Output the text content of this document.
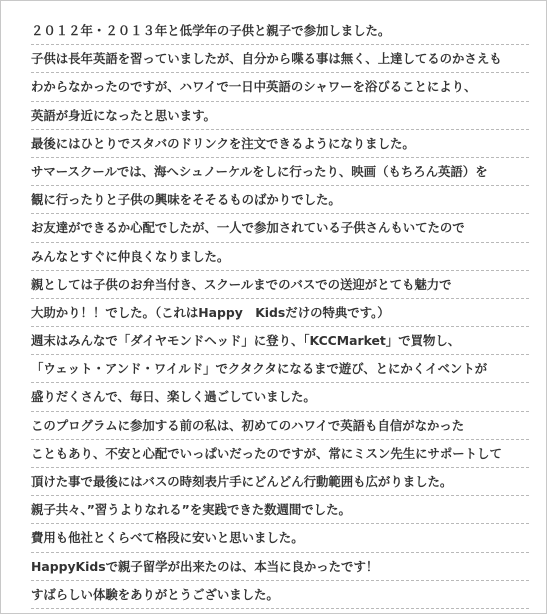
２０１２年・２０１３年と低学年の子供と親子で参加しました。
子供は長年英語を習っていましたが、自分から喋る事は無く、上達してるのかさえも
わからなかったのですが、ハワイで一日中英語のシャワーを浴びることにより、
英語が身近になったと思います。
最後にはひとりでスタバのドリンクを注文できるようになりました。
サマースクールでは、海へシュノーケルをしに行ったり、映画（もちろん英語）を
観に行ったりと子供の興味をそそるものばかりでした。
お友達ができるか心配でしたが、一人で参加されている子供さんもいてたので
みんなとすぐに仲良くなりました。
親としては子供のお弁当付き、スクールまでのバスでの送迎がとても魅力で
大助かり！！でした。（これはHappy　Kidsだけの特典です。）
週末はみんなで「ダイヤモンドヘッド」に登り、「KCCMarket」で買物し、
「ウェット・アンド・ワイルド」でクタクタになるまで遊び、とにかくイベントが
盛りだくさんで、毎日、楽しく過ごしていました。
このプログラムに参加する前の私は、初めてのハワイで英語も自信がなかった
こともあり、不安と心配でいっぱいだったのですが、常にミスン先生にサポートして
頂けた事で最後にはバスの時刻表片手にどんどん行動範囲も広がりました。
親子共々、”習うよりなれる”を実践できた数週間でした。
費用も他社とくらべて格段に安いと思いました。
HappyKidsで親子留学が出来たのは、本当に良かったです！
すばらしい体験をありがとうございました。
